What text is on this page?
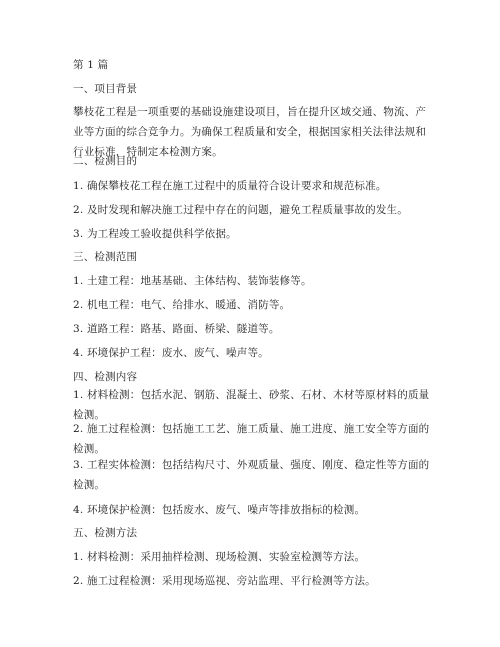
第 1 篇
一、项目背景
攀枝花工程是一项重要的基础设施建设项目，旨在提升区域交通、物流、产业等方面的综合竞争力。为确保工程质量和安全，根据国家相关法律法规和行业标准，特制定本检测方案。
二、检测目的
1. 确保攀枝花工程在施工过程中的质量符合设计要求和规范标准。
2. 及时发现和解决施工过程中存在的问题，避免工程质量事故的发生。
3. 为工程竣工验收提供科学依据。
三、检测范围
1. 土建工程：地基基础、主体结构、装饰装修等。
2. 机电工程：电气、给排水、暖通、消防等。
3. 道路工程：路基、路面、桥梁、隧道等。
4. 环境保护工程：废水、废气、噪声等。
四、检测内容
1. 材料检测：包括水泥、钢筋、混凝土、砂浆、石材、木材等原材料的质量检测。
2. 施工过程检测：包括施工工艺、施工质量、施工进度、施工安全等方面的检测。
3. 工程实体检测：包括结构尺寸、外观质量、强度、刚度、稳定性等方面的检测。
4. 环境保护检测：包括废水、废气、噪声等排放指标的检测。
五、检测方法
1. 材料检测：采用抽样检测、现场检测、实验室检测等方法。
2. 施工过程检测：采用现场巡视、旁站监理、平行检测等方法。
